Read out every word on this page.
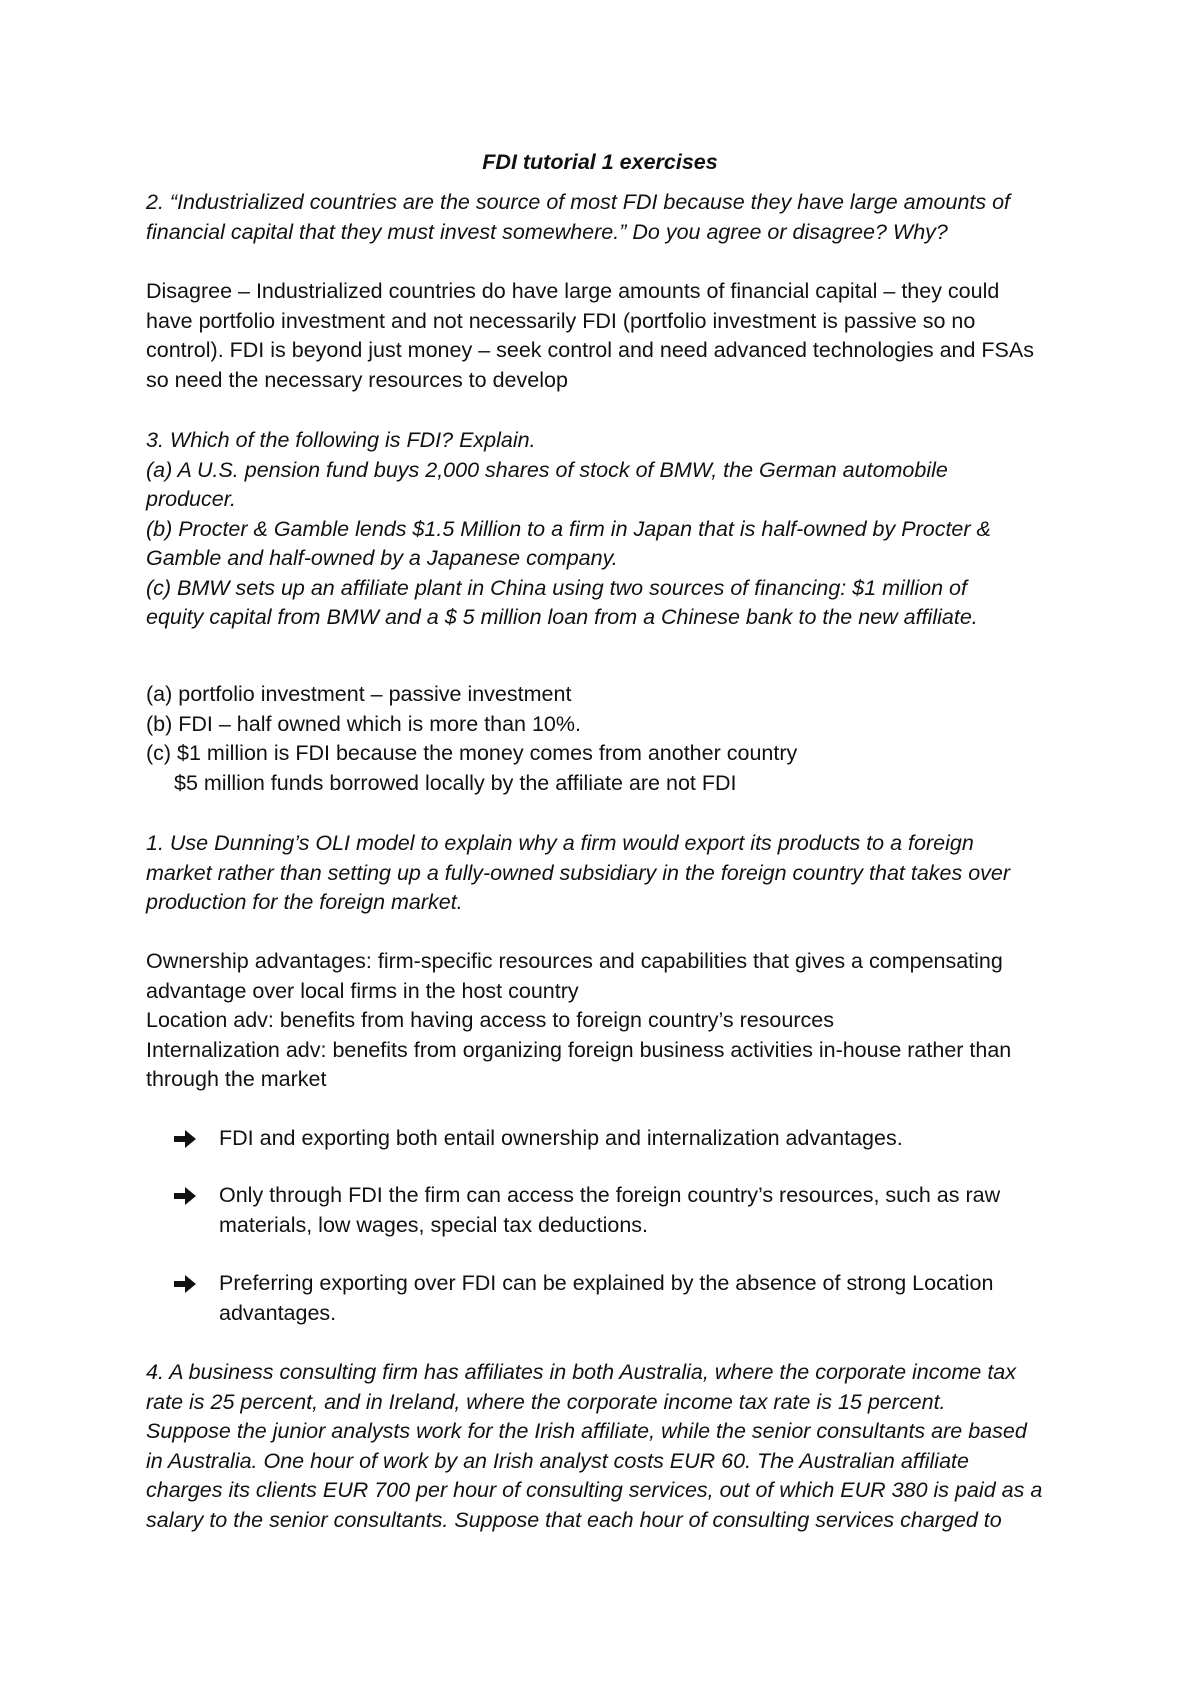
FDI tutorial 1 exercises
2. “Industrialized countries are the source of most FDI because they have large amounts of
financial capital that they must invest somewhere.” Do you agree or disagree? Why?
Disagree – Industrialized countries do have large amounts of financial capital – they could
have portfolio investment and not necessarily FDI (portfolio investment is passive so no
control). FDI is beyond just money – seek control and need advanced technologies and FSAs
so need the necessary resources to develop
3. Which of the following is FDI? Explain.
(a) A U.S. pension fund buys 2,000 shares of stock of BMW, the German automobile
producer.
(b) Procter & Gamble lends $1.5 Million to a firm in Japan that is half-owned by Procter &
Gamble and half-owned by a Japanese company.
(c) BMW sets up an affiliate plant in China using two sources of financing: $1 million of
equity capital from BMW and a $ 5 million loan from a Chinese bank to the new affiliate.
(a) portfolio investment – passive investment
(b) FDI – half owned which is more than 10%.
(c) $1 million is FDI because the money comes from another country
$5 million funds borrowed locally by the affiliate are not FDI
1. Use Dunning’s OLI model to explain why a firm would export its products to a foreign
market rather than setting up a fully-owned subsidiary in the foreign country that takes over
production for the foreign market.
Ownership advantages: firm-specific resources and capabilities that gives a compensating
advantage over local firms in the host country
Location adv: benefits from having access to foreign country’s resources
Internalization adv: benefits from organizing foreign business activities in-house rather than
through the market
FDI and exporting both entail ownership and internalization advantages.
Only through FDI the firm can access the foreign country’s resources, such as raw
materials, low wages, special tax deductions.
Preferring exporting over FDI can be explained by the absence of strong Location
advantages.
4. A business consulting firm has affiliates in both Australia, where the corporate income tax
rate is 25 percent, and in Ireland, where the corporate income tax rate is 15 percent.
Suppose the junior analysts work for the Irish affiliate, while the senior consultants are based
in Australia. One hour of work by an Irish analyst costs EUR 60. The Australian affiliate
charges its clients EUR 700 per hour of consulting services, out of which EUR 380 is paid as a
salary to the senior consultants. Suppose that each hour of consulting services charged to
